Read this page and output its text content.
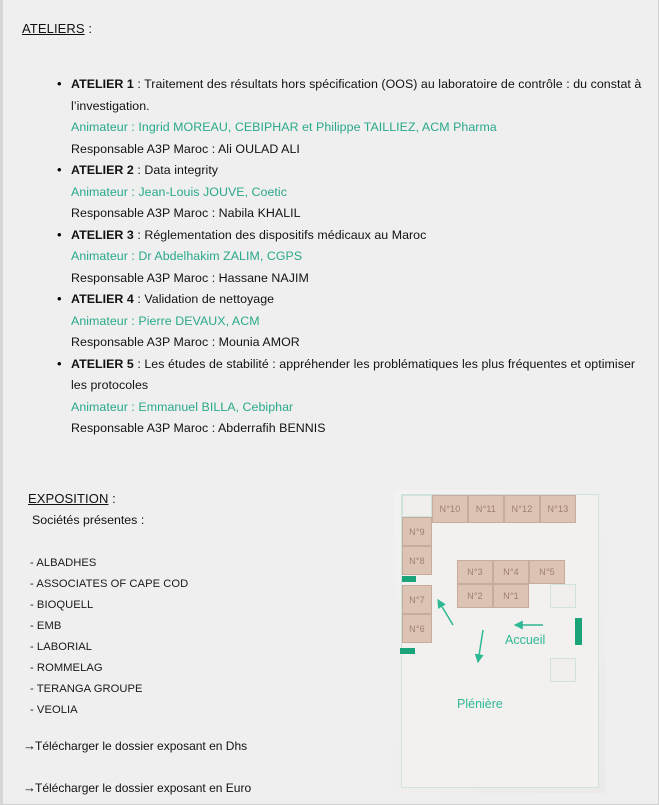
ATELIERS :
• ATELIER 1 : Traitement des résultats hors spécification (OOS) au laboratoire de contrôle : du constat à l’investigation.
Animateur : Ingrid MOREAU, CEBIPHAR et Philippe TAILLIEZ, ACM Pharma
Responsable A3P Maroc : Ali OULAD ALI
• ATELIER 2 : Data integrity
Animateur : Jean-Louis JOUVE, Coetic
Responsable A3P Maroc : Nabila KHALIL
• ATELIER 3 : Réglementation des dispositifs médicaux au Maroc
Animateur : Dr Abdelhakim ZALIM, CGPS
Responsable A3P Maroc : Hassane NAJIM
• ATELIER 4 : Validation de nettoyage
Animateur : Pierre DEVAUX, ACM
Responsable A3P Maroc : Mounia AMOR
• ATELIER 5 : Les études de stabilité : appréhender les problématiques les plus fréquentes et optimiser les protocoles
Animateur : Emmanuel BILLA, Cebiphar
Responsable A3P Maroc : Abderrafih BENNIS
EXPOSITION :
Sociétés présentes :
- ALBADHES
- ASSOCIATES OF CAPE COD
- BIOQUELL
- EMB
- LABORIAL
- ROMMELAG
- TERANGA GROUPE
- VEOLIA
→Télécharger le dossier exposant en Dhs
→Télécharger le dossier exposant en Euro
N°10	N°11	N°12	N°13
N°9
N°8
N°7
N°6
N°3	N°4	N°5
N°2	N°1
Accueil
Plénière
